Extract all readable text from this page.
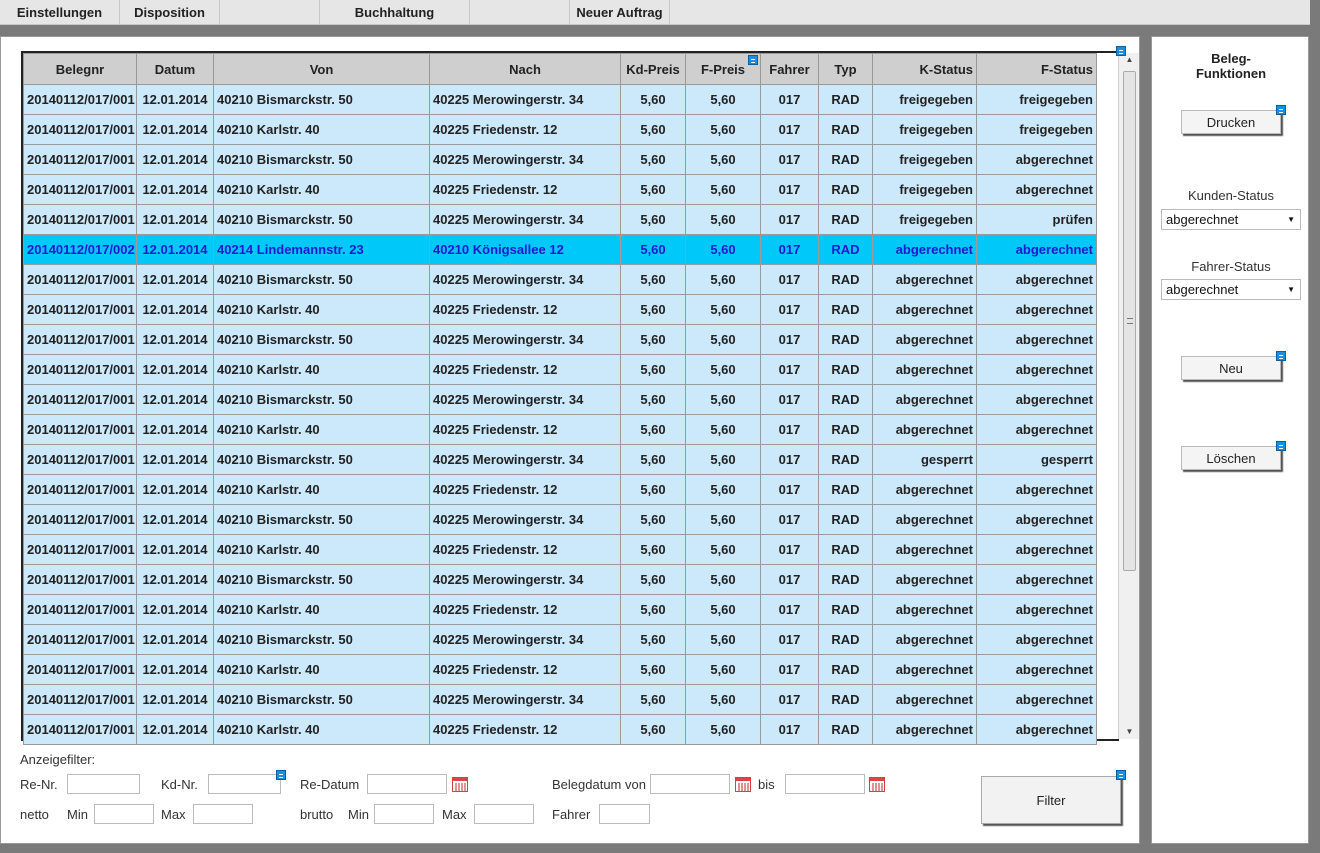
Einstellungen	Disposition	Buchhaltung	Neuer Auftrag
Belegnr	Datum	Von	Nach	Kd-Preis	F-Preis	Fahrer	Typ	K-Status	F-Status
20140112/017/001	12.01.2014	40210 Bismarckstr. 50	40225 Merowingerstr. 34	5,60	5,60	017	RAD	freigegeben	freigegeben
20140112/017/001	12.01.2014	40210 Karlstr. 40	40225 Friedenstr. 12	5,60	5,60	017	RAD	freigegeben	freigegeben
20140112/017/001	12.01.2014	40210 Bismarckstr. 50	40225 Merowingerstr. 34	5,60	5,60	017	RAD	freigegeben	abgerechnet
20140112/017/001	12.01.2014	40210 Karlstr. 40	40225 Friedenstr. 12	5,60	5,60	017	RAD	freigegeben	abgerechnet
20140112/017/001	12.01.2014	40210 Bismarckstr. 50	40225 Merowingerstr. 34	5,60	5,60	017	RAD	freigegeben	prüfen
20140112/017/002	12.01.2014	40214 Lindemannstr. 23	40210 Königsallee 12	5,60	5,60	017	RAD	abgerechnet	abgerechnet
20140112/017/001	12.01.2014	40210 Bismarckstr. 50	40225 Merowingerstr. 34	5,60	5,60	017	RAD	abgerechnet	abgerechnet
20140112/017/001	12.01.2014	40210 Karlstr. 40	40225 Friedenstr. 12	5,60	5,60	017	RAD	abgerechnet	abgerechnet
20140112/017/001	12.01.2014	40210 Bismarckstr. 50	40225 Merowingerstr. 34	5,60	5,60	017	RAD	abgerechnet	abgerechnet
20140112/017/001	12.01.2014	40210 Karlstr. 40	40225 Friedenstr. 12	5,60	5,60	017	RAD	abgerechnet	abgerechnet
20140112/017/001	12.01.2014	40210 Bismarckstr. 50	40225 Merowingerstr. 34	5,60	5,60	017	RAD	abgerechnet	abgerechnet
20140112/017/001	12.01.2014	40210 Karlstr. 40	40225 Friedenstr. 12	5,60	5,60	017	RAD	abgerechnet	abgerechnet
20140112/017/001	12.01.2014	40210 Bismarckstr. 50	40225 Merowingerstr. 34	5,60	5,60	017	RAD	gesperrt	gesperrt
20140112/017/001	12.01.2014	40210 Karlstr. 40	40225 Friedenstr. 12	5,60	5,60	017	RAD	abgerechnet	abgerechnet
20140112/017/001	12.01.2014	40210 Bismarckstr. 50	40225 Merowingerstr. 34	5,60	5,60	017	RAD	abgerechnet	abgerechnet
20140112/017/001	12.01.2014	40210 Karlstr. 40	40225 Friedenstr. 12	5,60	5,60	017	RAD	abgerechnet	abgerechnet
20140112/017/001	12.01.2014	40210 Bismarckstr. 50	40225 Merowingerstr. 34	5,60	5,60	017	RAD	abgerechnet	abgerechnet
20140112/017/001	12.01.2014	40210 Karlstr. 40	40225 Friedenstr. 12	5,60	5,60	017	RAD	abgerechnet	abgerechnet
20140112/017/001	12.01.2014	40210 Bismarckstr. 50	40225 Merowingerstr. 34	5,60	5,60	017	RAD	abgerechnet	abgerechnet
20140112/017/001	12.01.2014	40210 Karlstr. 40	40225 Friedenstr. 12	5,60	5,60	017	RAD	abgerechnet	abgerechnet
20140112/017/001	12.01.2014	40210 Bismarckstr. 50	40225 Merowingerstr. 34	5,60	5,60	017	RAD	abgerechnet	abgerechnet
20140112/017/001	12.01.2014	40210 Karlstr. 40	40225 Friedenstr. 12	5,60	5,60	017	RAD	abgerechnet	abgerechnet
▲
▼
Anzeigefilter:
Re-Nr.	Kd-Nr.	Re-Datum	Belegdatum von	bis
netto Min	Max	brutto Min	Max	Fahrer
Filter
Beleg-
Funktionen
Drucken
Kunden-Status
abgerechnet	▼
Fahrer-Status
abgerechnet	▼
Neu
Löschen
